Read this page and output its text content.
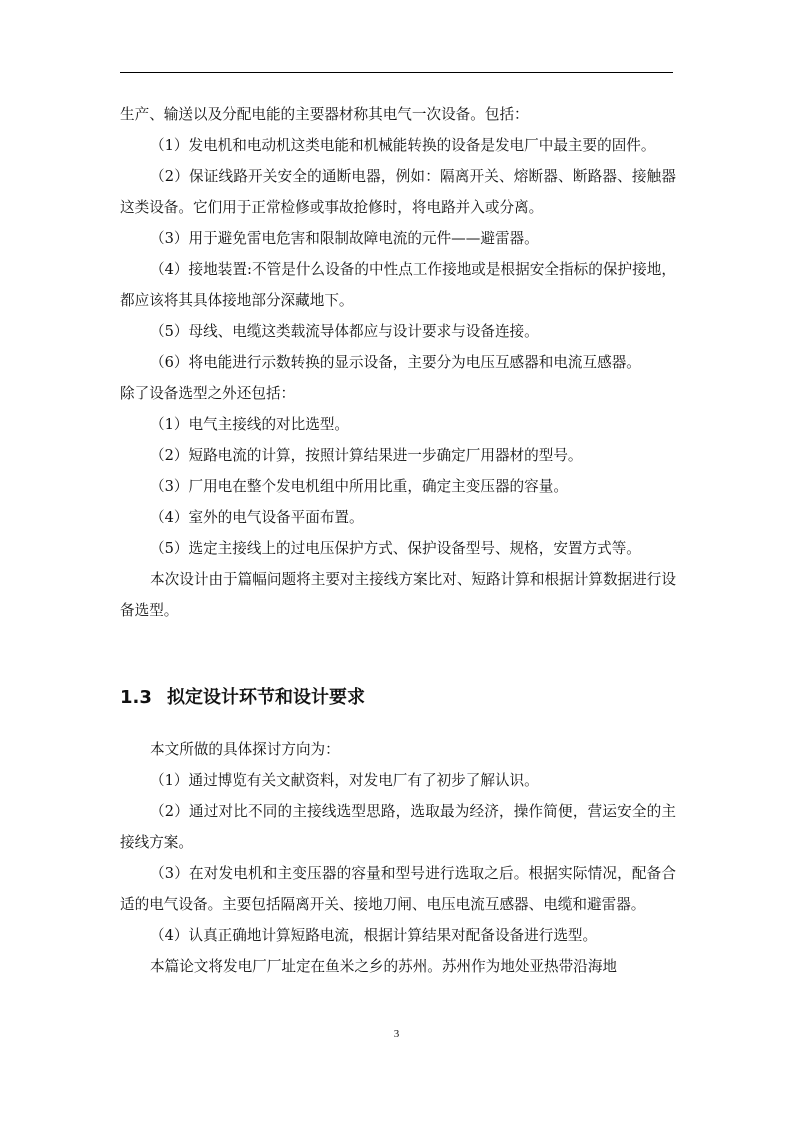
生产、输送以及分配电能的主要器材称其电气一次设备。包括：

（1）发电机和电动机这类电能和机械能转换的设备是发电厂中最主要的固件。

（2）保证线路开关安全的通断电器，例如：隔离开关、熔断器、断路器、接触器这类设备。它们用于正常检修或事故抢修时，将电路并入或分离。

（3）用于避免雷电危害和限制故障电流的元件——避雷器。

（4）接地装置:不管是什么设备的中性点工作接地或是根据安全指标的保护接地，都应该将其具体接地部分深藏地下。

（5）母线、电缆这类载流导体都应与设计要求与设备连接。

（6）将电能进行示数转换的显示设备，主要分为电压互感器和电流互感器。

除了设备选型之外还包括：

（1）电气主接线的对比选型。

（2）短路电流的计算，按照计算结果进一步确定厂用器材的型号。

（3）厂用电在整个发电机组中所用比重，确定主变压器的容量。

（4）室外的电气设备平面布置。

（5）选定主接线上的过电压保护方式、保护设备型号、规格，安置方式等。

本次设计由于篇幅问题将主要对主接线方案比对、短路计算和根据计算数据进行设备选型。

1.3 拟定设计环节和设计要求

本文所做的具体探讨方向为：

（1）通过博览有关文献资料，对发电厂有了初步了解认识。

（2）通过对比不同的主接线选型思路，选取最为经济，操作简便，营运安全的主接线方案。

（3）在对发电机和主变压器的容量和型号进行选取之后。根据实际情况，配备合适的电气设备。主要包括隔离开关、接地刀闸、电压电流互感器、电缆和避雷器。

（4）认真正确地计算短路电流，根据计算结果对配备设备进行选型。

本篇论文将发电厂厂址定在鱼米之乡的苏州。苏州作为地处亚热带沿海地

3
